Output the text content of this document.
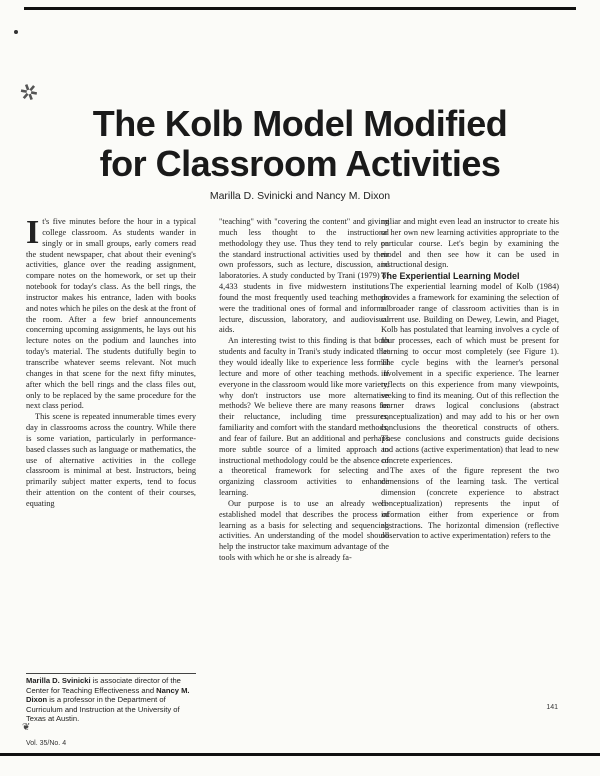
✲
The Kolb Model Modified
for Classroom Activities
Marilla D. Svinicki and Nancy M. Dixon

It's five minutes before the hour in a typical college classroom. As students wander in singly or in small groups, early comers read the student newspaper, chat about their evening's activities, glance over the reading assignment, compare notes on the homework, or set up their notebook for today's class. As the bell rings, the instructor makes his entrance, laden with books and notes which he piles on the desk at the front of the room. After a few brief announcements concerning upcoming assignments, he lays out his lecture notes on the podium and launches into today's material. The students dutifully begin to transcribe whatever seems relevant. Not much changes in that scene for the next fifty minutes, after which the bell rings and the class files out, only to be replaced by the same procedure for the next class period.

This scene is repeated innumerable times every day in classrooms across the country. While there is some variation, particularly in performance-based classes such as language or mathematics, the use of alternative activities in the college classroom is minimal at best. Instructors, being primarily subject matter experts, tend to focus their attention on the content of their courses, equating

"teaching" with "covering the content" and giving much less thought to the instructional methodology they use. Thus they tend to rely on the standard instructional activities used by their own professors, such as lecture, discussion, and laboratories. A study conducted by Trani (1979) of 4,433 students in five midwestern institutions found the most frequently used teaching methods were the traditional ones of formal and informal lecture, discussion, laboratory, and audiovisual aids.

An interesting twist to this finding is that both students and faculty in Trani's study indicated that they would ideally like to experience less formal lecture and more of other teaching methods. If everyone in the classroom would like more variety, why don't instructors use more alternative methods? We believe there are many reasons for their reluctance, including time pressures, familiarity and comfort with the standard methods, and fear of failure. But an additional and perhaps more subtle source of a limited approach to instructional methodology could be the absence of a theoretical framework for selecting and organizing classroom activities to enhance learning.

Our purpose is to use an already well-established model that describes the process of learning as a basis for selecting and sequencing activities. An understanding of the model should help the instructor take maximum advantage of the tools with which he or she is already fa-

miliar and might even lead an instructor to create his or her own new learning activities appropriate to the particular course. Let's begin by examining the model and then see how it can be used in instructional design.

The Experiential Learning Model

The experiential learning model of Kolb (1984) provides a framework for examining the selection of a broader range of classroom activities than is in current use. Building on Dewey, Lewin, and Piaget, Kolb has postulated that learning involves a cycle of four processes, each of which must be present for learning to occur most completely (see Figure 1). The cycle begins with the learner's personal involvement in a specific experience. The learner reflects on this experience from many viewpoints, seeking to find its meaning. Out of this reflection the learner draws logical conclusions (abstract conceptualization) and may add to his or her own conclusions the theoretical constructs of others. These conclusions and constructs guide decisions and actions (active experimentation) that lead to new concrete experiences.

The axes of the figure represent the two dimensions of the learning task. The vertical dimension (concrete experience to abstract conceptualization) represents the input of information either from experience or from abstractions. The horizontal dimension (reflective observation to active experimentation) refers to the

Marilla D. Svinicki is associate director of the Center for Teaching Effectiveness and Nancy M. Dixon is a professor in the Department of Curriculum and Instruction at the University of Texas at Austin.
❦
Vol. 35/No. 4
141
